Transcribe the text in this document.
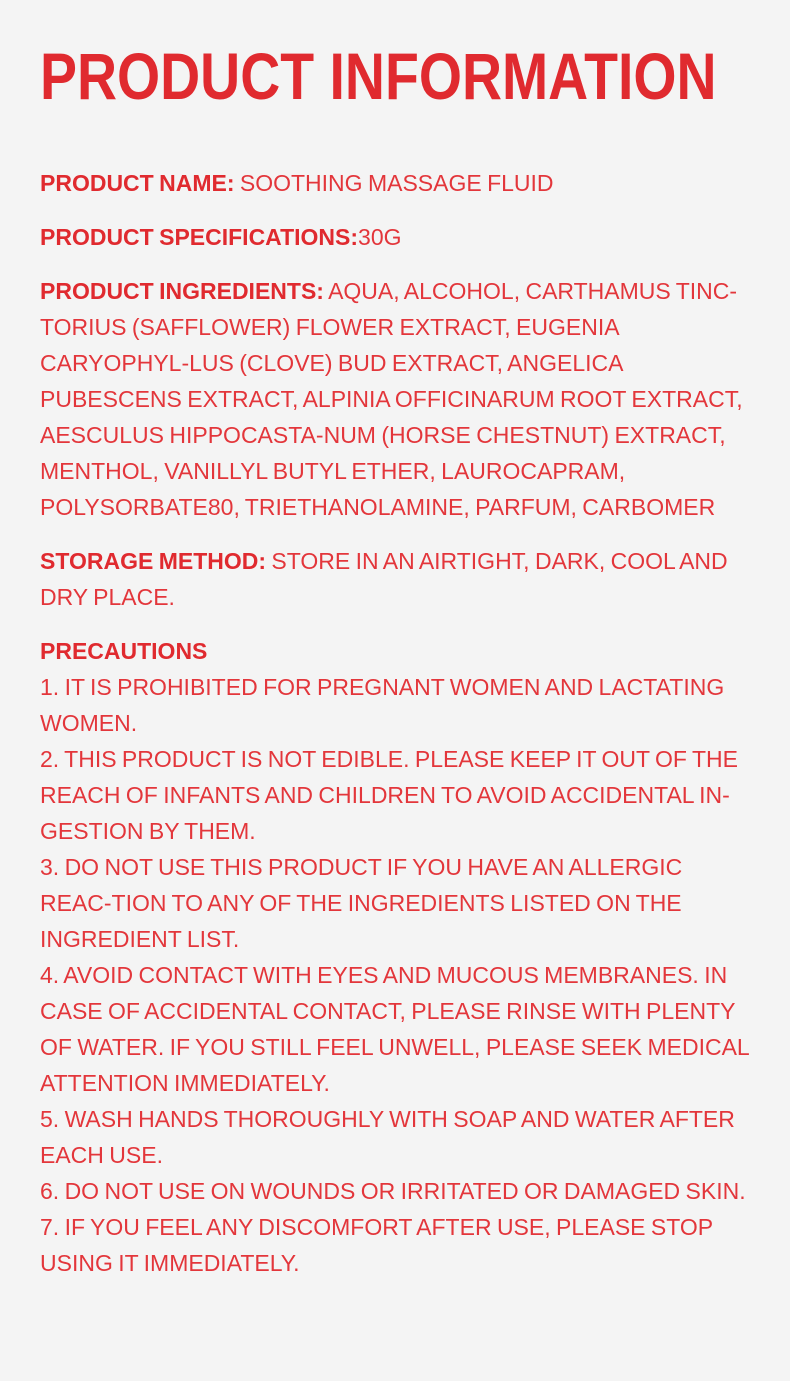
PRODUCT INFORMATION

PRODUCT NAME: SOOTHING MASSAGE FLUID

PRODUCT SPECIFICATIONS:30G

PRODUCT INGREDIENTS: AQUA, ALCOHOL, CARTHAMUS TINC-TORIUS (SAFFLOWER) FLOWER EXTRACT, EUGENIA CARYOPHYL-LUS (CLOVE) BUD EXTRACT, ANGELICA PUBESCENS EXTRACT, ALPINIA OFFICINARUM ROOT EXTRACT, AESCULUS HIPPOCASTA-NUM (HORSE CHESTNUT) EXTRACT, MENTHOL, VANILLYL BUTYL ETHER, LAUROCAPRAM, POLYSORBATE80, TRIETHANOLAMINE, PARFUM, CARBOMER

STORAGE METHOD: STORE IN AN AIRTIGHT, DARK, COOL AND DRY PLACE.

PRECAUTIONS

1. IT IS PROHIBITED FOR PREGNANT WOMEN AND LACTATING WOMEN.

2. THIS PRODUCT IS NOT EDIBLE. PLEASE KEEP IT OUT OF THE REACH OF INFANTS AND CHILDREN TO AVOID ACCIDENTAL IN-GESTION BY THEM.

3. DO NOT USE THIS PRODUCT IF YOU HAVE AN ALLERGIC REAC-TION TO ANY OF THE INGREDIENTS LISTED ON THE INGREDIENT LIST.

4. AVOID CONTACT WITH EYES AND MUCOUS MEMBRANES. IN CASE OF ACCIDENTAL CONTACT, PLEASE RINSE WITH PLENTY OF WATER. IF YOU STILL FEEL UNWELL, PLEASE SEEK MEDICAL ATTENTION IMMEDIATELY.

5. WASH HANDS THOROUGHLY WITH SOAP AND WATER AFTER EACH USE.

6. DO NOT USE ON WOUNDS OR IRRITATED OR DAMAGED SKIN.

7. IF YOU FEEL ANY DISCOMFORT AFTER USE, PLEASE STOP USING IT IMMEDIATELY.
